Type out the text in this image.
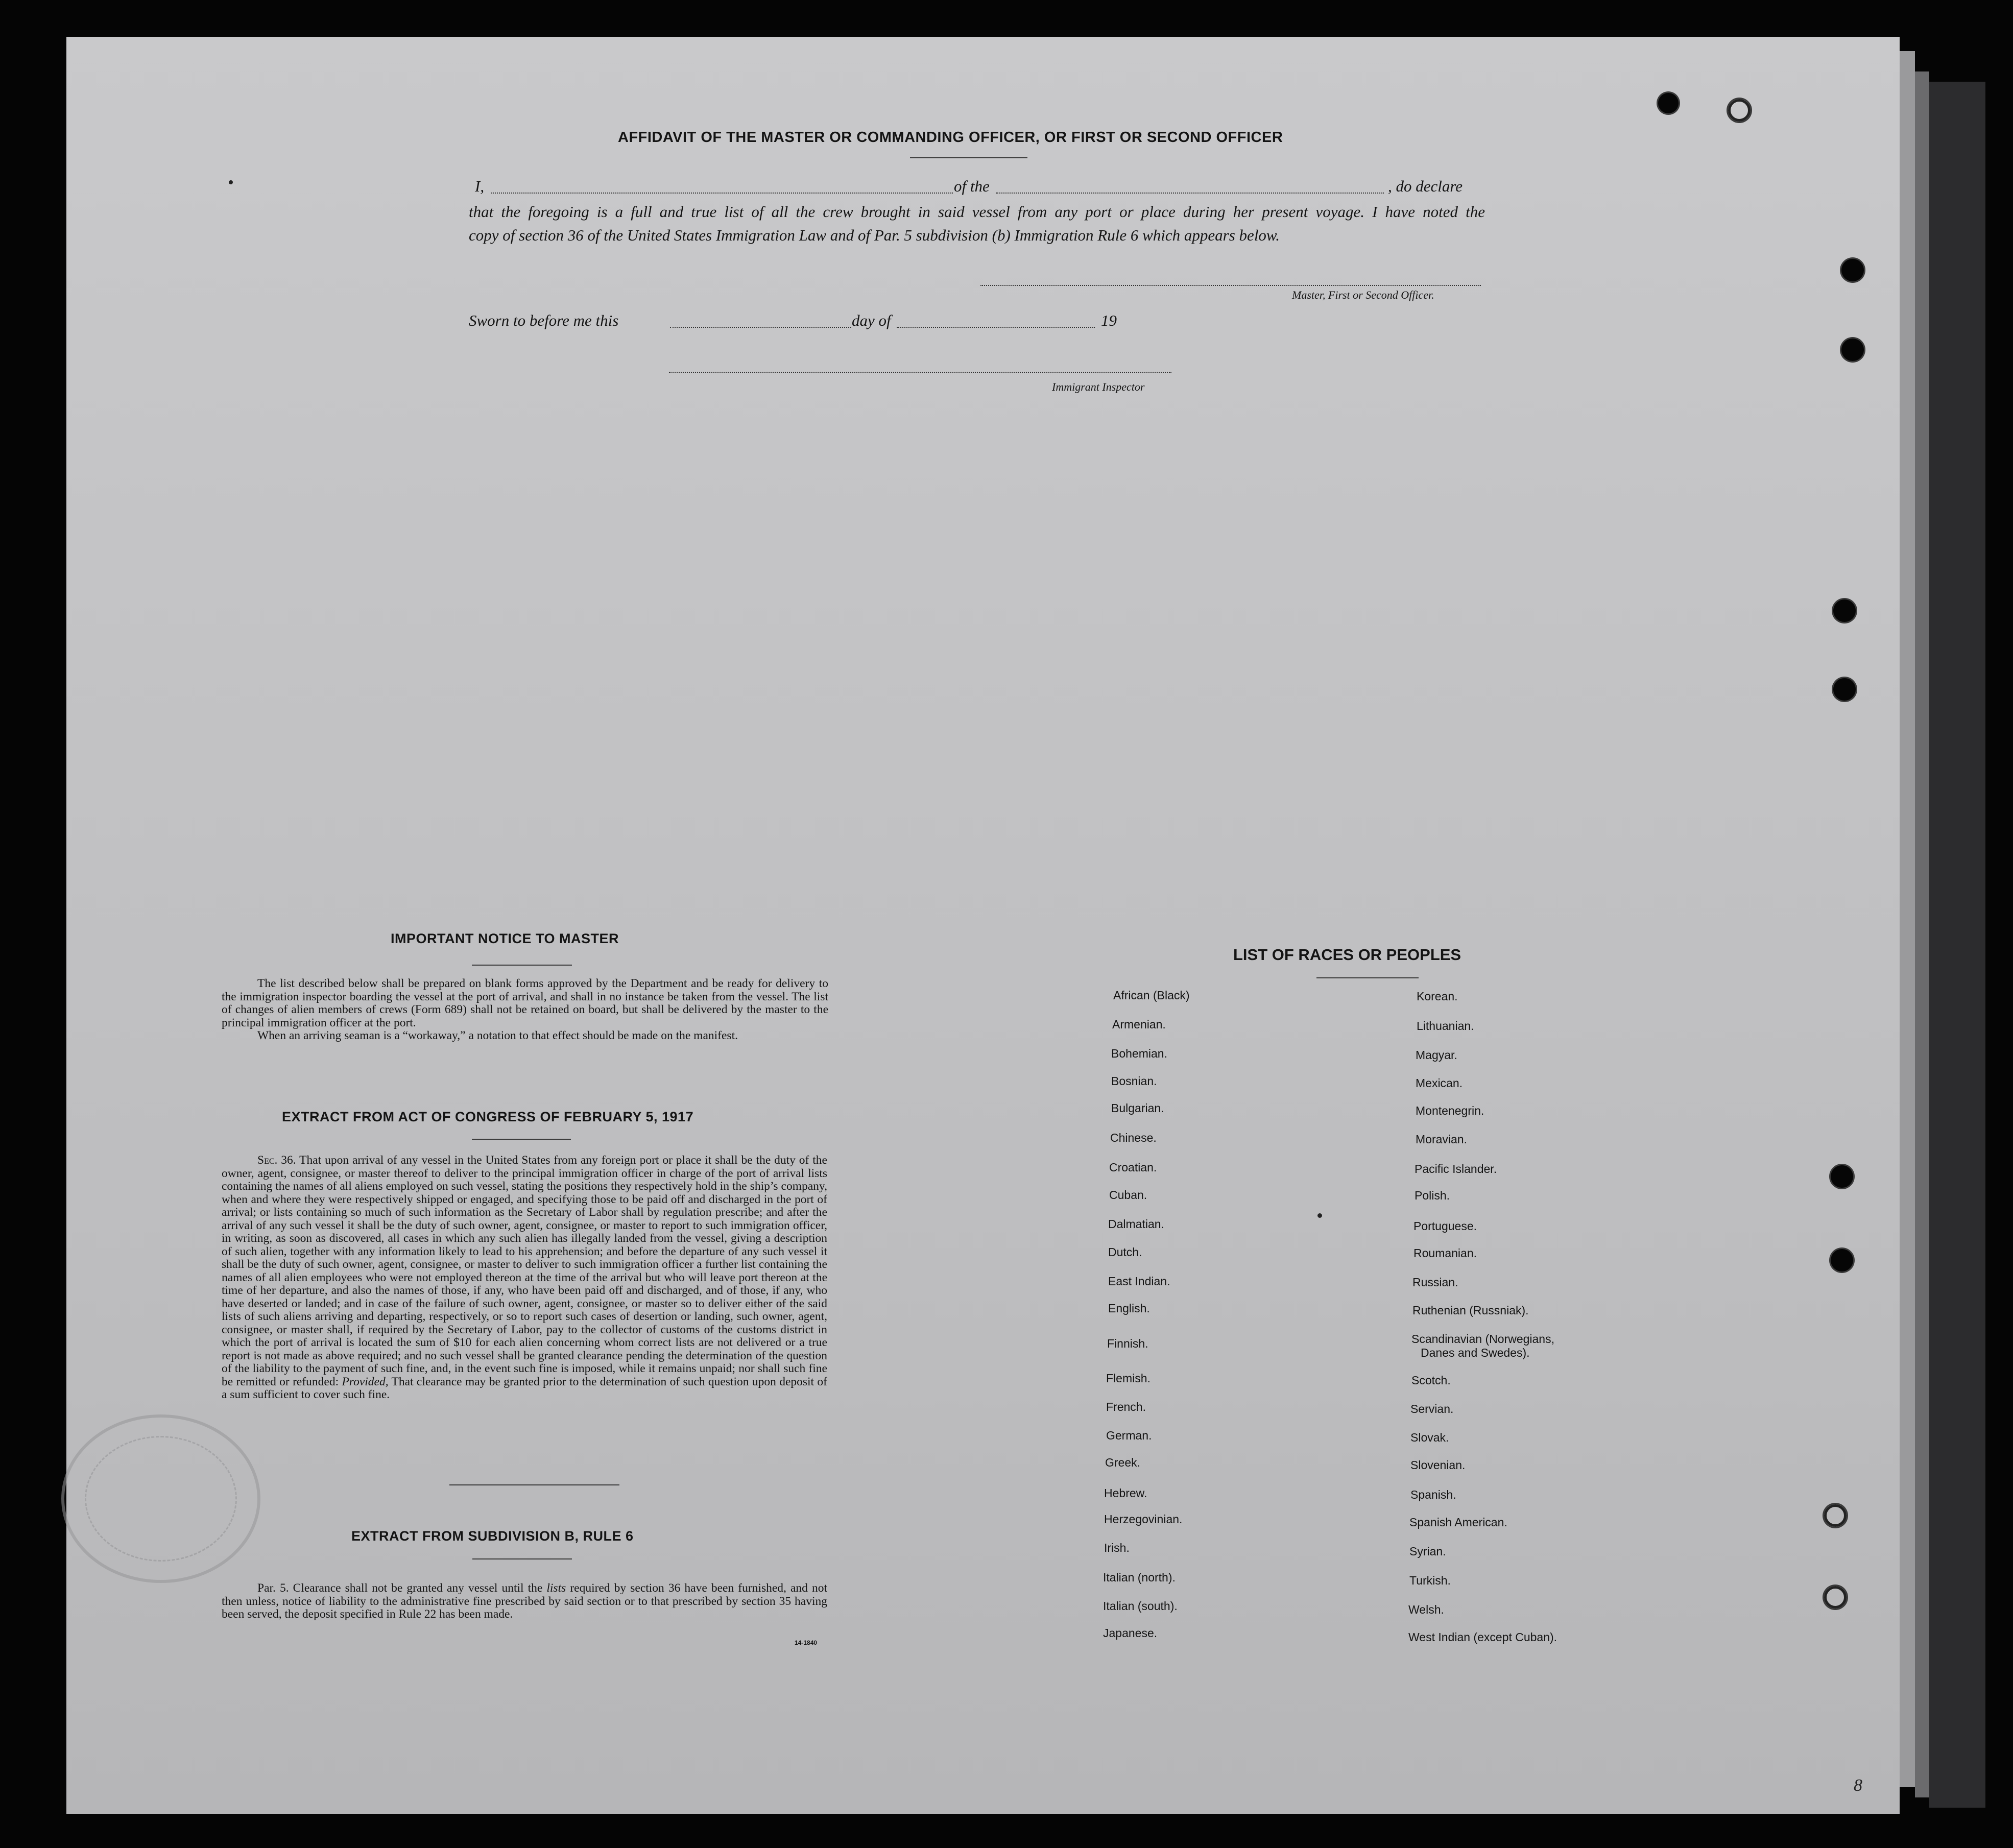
AFFIDAVIT OF THE MASTER OR COMMANDING OFFICER, OR FIRST OR SECOND OFFICER
I,	of the	, do declare
that the foregoing is a full and true list of all the crew brought in said vessel from any port or place during her present voyage. I have noted the
copy of section 36 of the United States Immigration Law and of Par. 5 subdivision (b) Immigration Rule 6 which appears below.
Master, First or Second Officer.
Sworn to before me this	day of	19
Immigrant Inspector
IMPORTANT NOTICE TO MASTER

The list described below shall be prepared on blank forms approved by the Department and be ready for delivery to the immigration inspector boarding the vessel at the port of arrival, and shall in no instance be taken from the vessel. The list of changes of alien members of crews (Form 689) shall not be retained on board, but shall be delivered by the master to the principal immigration officer at the port.

When an arriving seaman is a “workaway,” a notation to that effect should be made on the manifest.

EXTRACT FROM ACT OF CONGRESS OF FEBRUARY 5, 1917

Sec. 36. That upon arrival of any vessel in the United States from any foreign port or place it shall be the duty of the owner, agent, consignee, or master thereof to deliver to the principal immigration officer in charge of the port of arrival lists containing the names of all aliens employed on such vessel, stating the positions they respectively hold in the ship’s company, when and where they were respectively shipped or engaged, and specifying those to be paid off and discharged in the port of arrival; or lists containing so much of such information as the Secretary of Labor shall by regulation prescribe; and after the arrival of any such vessel it shall be the duty of such owner, agent, consignee, or master to report to such immigration officer, in writing, as soon as discovered, all cases in which any such alien has illegally landed from the vessel, giving a description of such alien, together with any information likely to lead to his apprehension; and before the departure of any such vessel it shall be the duty of such owner, agent, consignee, or master to deliver to such immigration officer a further list containing the names of all alien employees who were not employed thereon at the time of the arrival but who will leave port thereon at the time of her departure, and also the names of those, if any, who have been paid off and discharged, and of those, if any, who have deserted or landed; and in case of the failure of such owner, agent, consignee, or master so to deliver either of the said lists of such aliens arriving and departing, respectively, or so to report such cases of desertion or landing, such owner, agent, consignee, or master shall, if required by the Secretary of Labor, pay to the collector of customs of the customs district in which the port of arrival is located the sum of $10 for each alien concerning whom correct lists are not delivered or a true report is not made as above required; and no such vessel shall be granted clearance pending the determination of the question of the liability to the payment of such fine, and, in the event such fine is imposed, while it remains unpaid; nor shall such fine be remitted or refunded: Provided, That clearance may be granted prior to the determination of such question upon deposit of a sum sufficient to cover such fine.

EXTRACT FROM SUBDIVISION B, RULE 6

Par. 5. Clearance shall not be granted any vessel until the lists required by section 36 have been furnished, and not then unless, notice of liability to the administrative fine prescribed by said section or to that prescribed by section 35 having been served, the deposit specified in Rule 22 has been made.

14-1840
LIST OF RACES OR PEOPLES
African (Black)
Armenian.
Bohemian.
Bosnian.
Bulgarian.
Chinese.
Croatian.
Cuban.
Dalmatian.
Dutch.
East Indian.
English.
Finnish.
Flemish.
French.
German.
Greek.
Hebrew.
Herzegovinian.
Irish.
Italian (north).
Italian (south).
Japanese.
Korean.
Lithuanian.
Magyar.
Mexican.
Montenegrin.
Moravian.
Pacific Islander.
Polish.
Portuguese.
Roumanian.
Russian.
Ruthenian (Russniak).
Scandinavian (Norwegians,
Danes and Swedes).
Scotch.
Servian.
Slovak.
Slovenian.
Spanish.
Spanish American.
Syrian.
Turkish.
Welsh.
West Indian (except Cuban).
8
